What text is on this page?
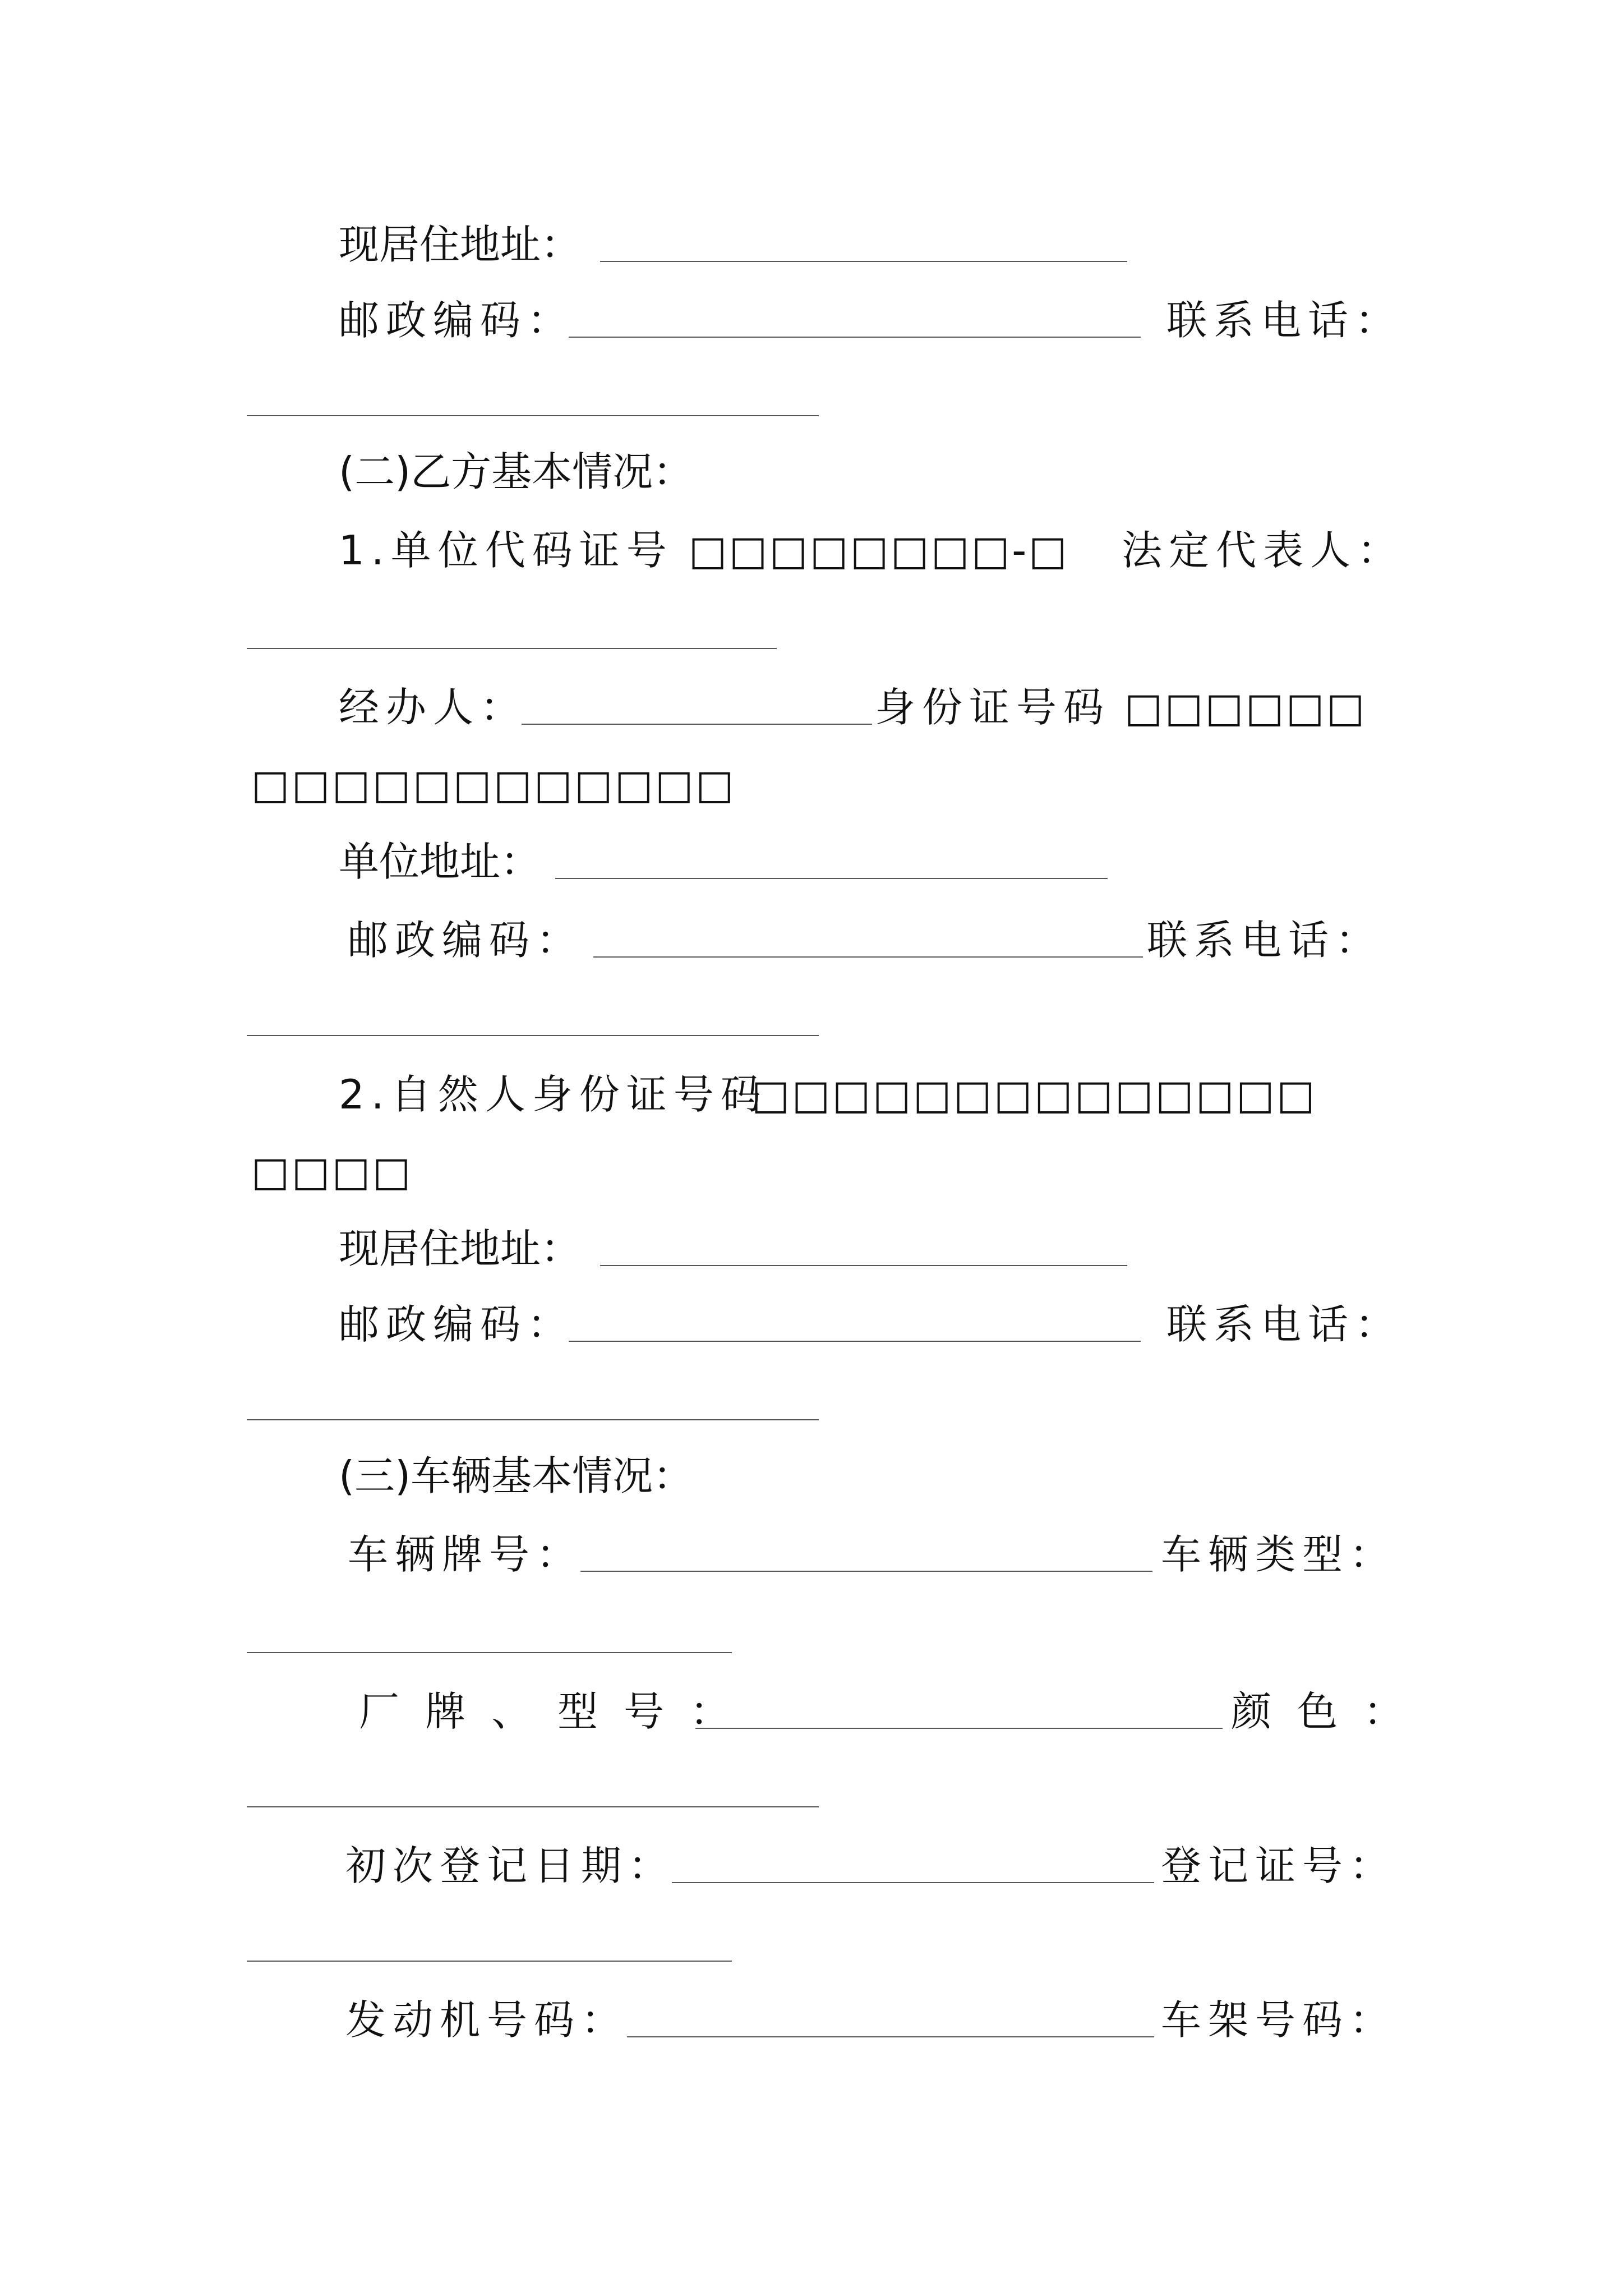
现居住地址：
邮政编码：	联系电话：
(二)乙方基本情况：
1.单位代码证号 □□□□□□□□-□ 法定代表人：
经办人：	身份证号码 □□□□□□
□□□□□□□□□□□□
单位地址：
邮政编码：	联系电话：
2.自然人身份证号码
□□□□□□□□□□□□□□
□□□□
现居住地址：
邮政编码：	联系电话：
(三)车辆基本情况：
车辆牌号：	车辆类型：
厂牌、型号：	颜色：
初次登记日期：	登记证号：
发动机号码：	车架号码：
